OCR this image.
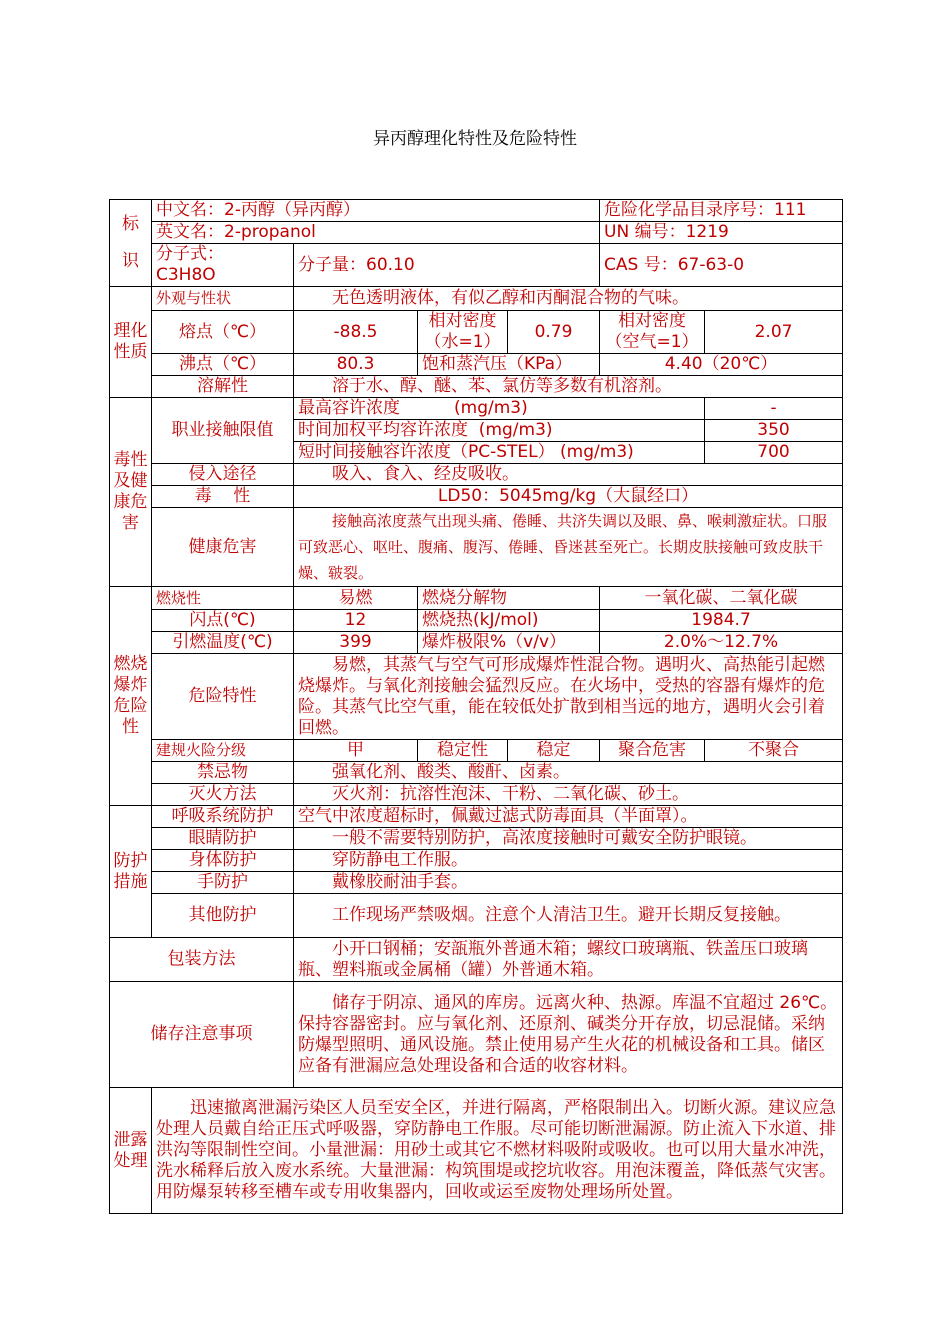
异丙醇理化特性及危险特性
标
识	中文名：2-丙醇（异丙醇）				危险化学品目录序号：111	
	英文名：2-propanol				UN 编号：1219	
	分子式： C3H8O	分子量：60.10			CAS 号：67-63-0	
理化性质	外观与性状	无色透明液体，有似乙醇和丙酮混合物的气味。				
	熔点（℃）	-88.5	相对密度（水=1）	0.79	相对密度（空气=1）	2.07
	沸点（℃）	80.3	饱和蒸汽压（KPa）		4.40（20℃）	
	溶解性	溶于水、醇、醚、苯、氯仿等多数有机溶剂。				
毒性及健康危害	职业接触限值	最高容许浓度          (mg/m3)				-
		时间加权平均容许浓度  (mg/m3)				350
		短时间接触容许浓度（PC-STEL） (mg/m3)				700
	侵入途径	吸入、食入、经皮吸收。				
	毒    性	LD50：5045mg/kg（大鼠经口）				
	健康危害	接触高浓度蒸气出现头痛、倦睡、共济失调以及眼、鼻、喉刺激症状。口服可致恶心、呕吐、腹痛、腹泻、倦睡、昏迷甚至死亡。长期皮肤接触可致皮肤干燥、皲裂。				
燃烧爆炸危险性	燃烧性	易燃	燃烧分解物		一氧化碳、二氧化碳	
	闪点(℃)	12	燃烧热(kJ/mol)		1984.7	
	引燃温度(℃)	399	爆炸极限%（v/v）		2.0%～12.7%	
	危险特性	易燃，其蒸气与空气可形成爆炸性混合物。遇明火、高热能引起燃烧爆炸。与氧化剂接触会猛烈反应。在火场中，受热的容器有爆炸的危险。其蒸气比空气重，能在较低处扩散到相当远的地方，遇明火会引着回燃。				
	建规火险分级	甲	稳定性	稳定	聚合危害	不聚合
	禁忌物	强氧化剂、酸类、酸酐、卤素。				
	灭火方法	灭火剂：抗溶性泡沫、干粉、二氧化碳、砂土。				
防护措施	呼吸系统防护	空气中浓度超标时，佩戴过滤式防毒面具（半面罩）。				
	眼睛防护	一般不需要特别防护，高浓度接触时可戴安全防护眼镜。				
	身体防护	穿防静电工作服。				
	手防护	戴橡胶耐油手套。				
	其他防护	工作现场严禁吸烟。注意个人清洁卫生。避开长期反复接触。				
包装方法		小开口钢桶；安瓿瓶外普通木箱；螺纹口玻璃瓶、铁盖压口玻璃瓶、塑料瓶或金属桶（罐）外普通木箱。				
储存注意事项		储存于阴凉、通风的库房。远离火种、热源。库温不宜超过 26℃。保持容器密封。应与氧化剂、还原剂、碱类分开存放，切忌混储。采纳防爆型照明、通风设施。禁止使用易产生火花的机械设备和工具。储区应备有泄漏应急处理设备和合适的收容材料。				
泄露处理	迅速撤离泄漏污染区人员至安全区，并进行隔离，严格限制出入。切断火源。建议应急处理人员戴自给正压式呼吸器，穿防静电工作服。尽可能切断泄漏源。防止流入下水道、排洪沟等限制性空间。小量泄漏：用砂土或其它不燃材料吸附或吸收。也可以用大量水冲洗，洗水稀释后放入废水系统。大量泄漏：构筑围堤或挖坑收容。用泡沫覆盖，降低蒸气灾害。用防爆泵转移至槽车或专用收集器内，回收或运至废物处理场所处置。					
